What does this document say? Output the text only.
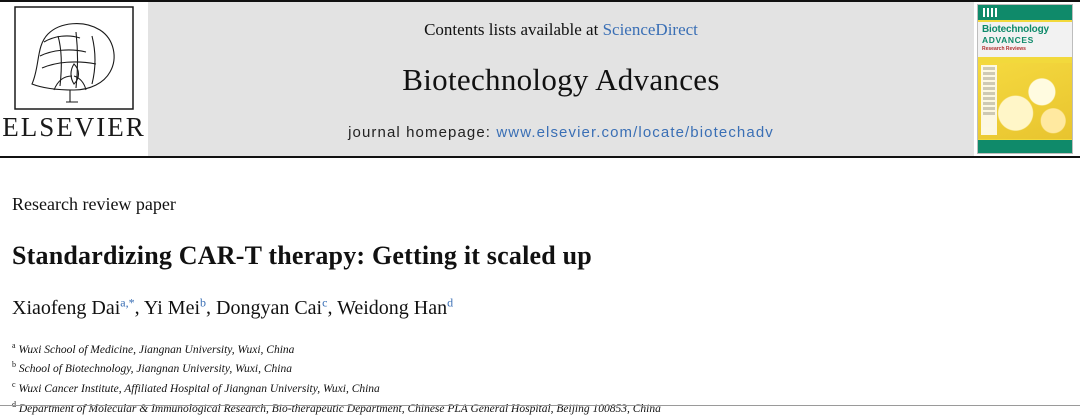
ELSEVIER
Contents lists available at ScienceDirect
Biotechnology Advances
journal homepage: www.elsevier.com/locate/biotechadv
Biotechnology
ADVANCES
Research Reviews
Research review paper
Standardizing CAR-T therapy: Getting it scaled up
Xiaofeng Dai$^{a,*}$, Yi Mei$^b$, Dongyan Cai$^c$, Weidong Han$^d$
$^a$ Wuxi School of Medicine, Jiangnan University, Wuxi, China
$^b$ School of Biotechnology, Jiangnan University, Wuxi, China
$^c$ Wuxi Cancer Institute, Affiliated Hospital of Jiangnan University, Wuxi, China
$^d$ Department of Molecular & Immunological Research, Bio-therapeutic Department, Chinese PLA General Hospital, Beijing 100853, China
